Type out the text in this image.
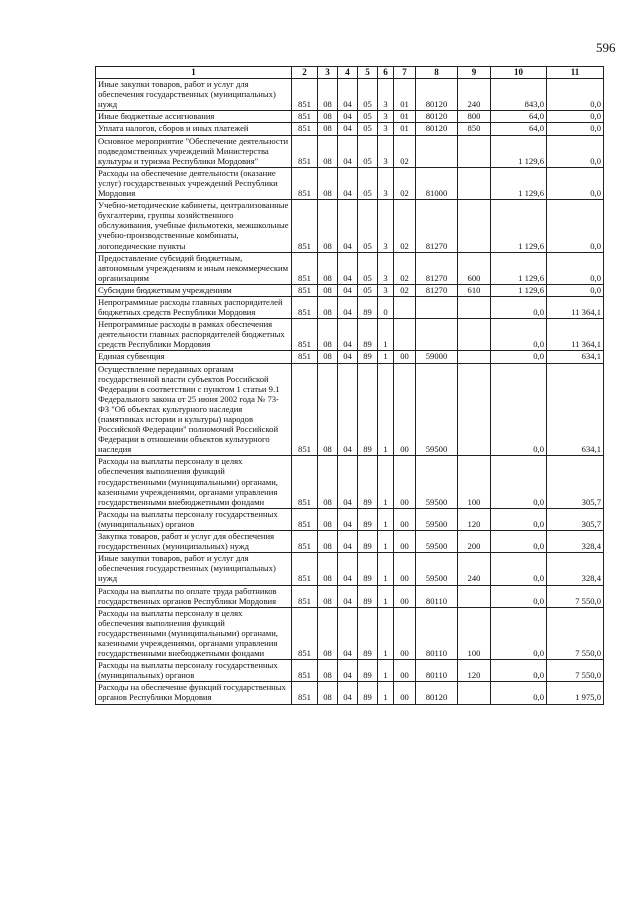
596
1	2	3	4	5	6	7	8	9	10	11
Иные закупки товаров, работ и услуг для обеспечения государственных (муниципальных) нужд	851	08	04	05	3	01	80120	240	843,0	0,0
Иные бюджетные ассигнования	851	08	04	05	3	01	80120	800	64,0	0,0
Уплата налогов, сборов и иных платежей	851	08	04	05	3	01	80120	850	64,0	0,0
Основное мероприятие "Обеспечение деятельности подведомственных учреждений Министерства культуры и туризма Республики Мордовия"	851	08	04	05	3	02			1 129,6	0,0
Расходы на обеспечение деятельности (оказание услуг) государственных учреждений Республики Мордовия	851	08	04	05	3	02	81000		1 129,6	0,0
Учебно-методические кабинеты, централизованные бухгалтерии, группы хозяйственного обслуживания, учебные фильмотеки, межшкольные учебно-производственные комбинаты, логопедические пункты	851	08	04	05	3	02	81270		1 129,6	0,0
Предоставление субсидий бюджетным, автономным учреждениям и иным некоммерческим организациям	851	08	04	05	3	02	81270	600	1 129,6	0,0
Субсидии бюджетным учреждениям	851	08	04	05	3	02	81270	610	1 129,6	0,0
Непрограммные расходы главных распорядителей бюджетных средств Республики Мордовия	851	08	04	89	0				0,0	11 364,1
Непрограммные расходы в рамках обеспечения деятельности главных распорядителей бюджетных средств Республики Мордовия	851	08	04	89	1				0,0	11 364,1
Единая субвенция	851	08	04	89	1	00	59000		0,0	634,1
Осуществление переданных органам государственной власти субъектов Российской Федерации в соответствии с пунктом 1 статьи 9.1 Федерального закона от 25 июня 2002 года № 73-ФЗ "Об объектах культурного наследия (памятниках истории и культуры) народов Российской Федерации" полномочий Российской Федерации в отношении объектов культурного наследия	851	08	04	89	1	00	59500		0,0	634,1
Расходы на выплаты персоналу в целях обеспечения выполнения функций государственными (муниципальными) органами, казенными учреждениями, органами управления государственными внебюджетными фондами	851	08	04	89	1	00	59500	100	0,0	305,7
Расходы на выплаты персоналу государственных (муниципальных) органов	851	08	04	89	1	00	59500	120	0,0	305,7
Закупка товаров, работ и услуг для обеспечения государственных (муниципальных) нужд	851	08	04	89	1	00	59500	200	0,0	328,4
Иные закупки товаров, работ и услуг для обеспечения государственных (муниципальных) нужд	851	08	04	89	1	00	59500	240	0,0	328,4
Расходы на выплаты по оплате труда работников государственных органов Республики Мордовия	851	08	04	89	1	00	80110		0,0	7 550,0
Расходы на выплаты персоналу в целях обеспечения выполнения функций государственными (муниципальными) органами, казенными учреждениями, органами управления государственными внебюджетными фондами	851	08	04	89	1	00	80110	100	0,0	7 550,0
Расходы на выплаты персоналу государственных (муниципальных) органов	851	08	04	89	1	00	80110	120	0,0	7 550,0
Расходы на обеспечение функций государственных органов Республики Мордовия	851	08	04	89	1	00	80120		0,0	1 975,0
